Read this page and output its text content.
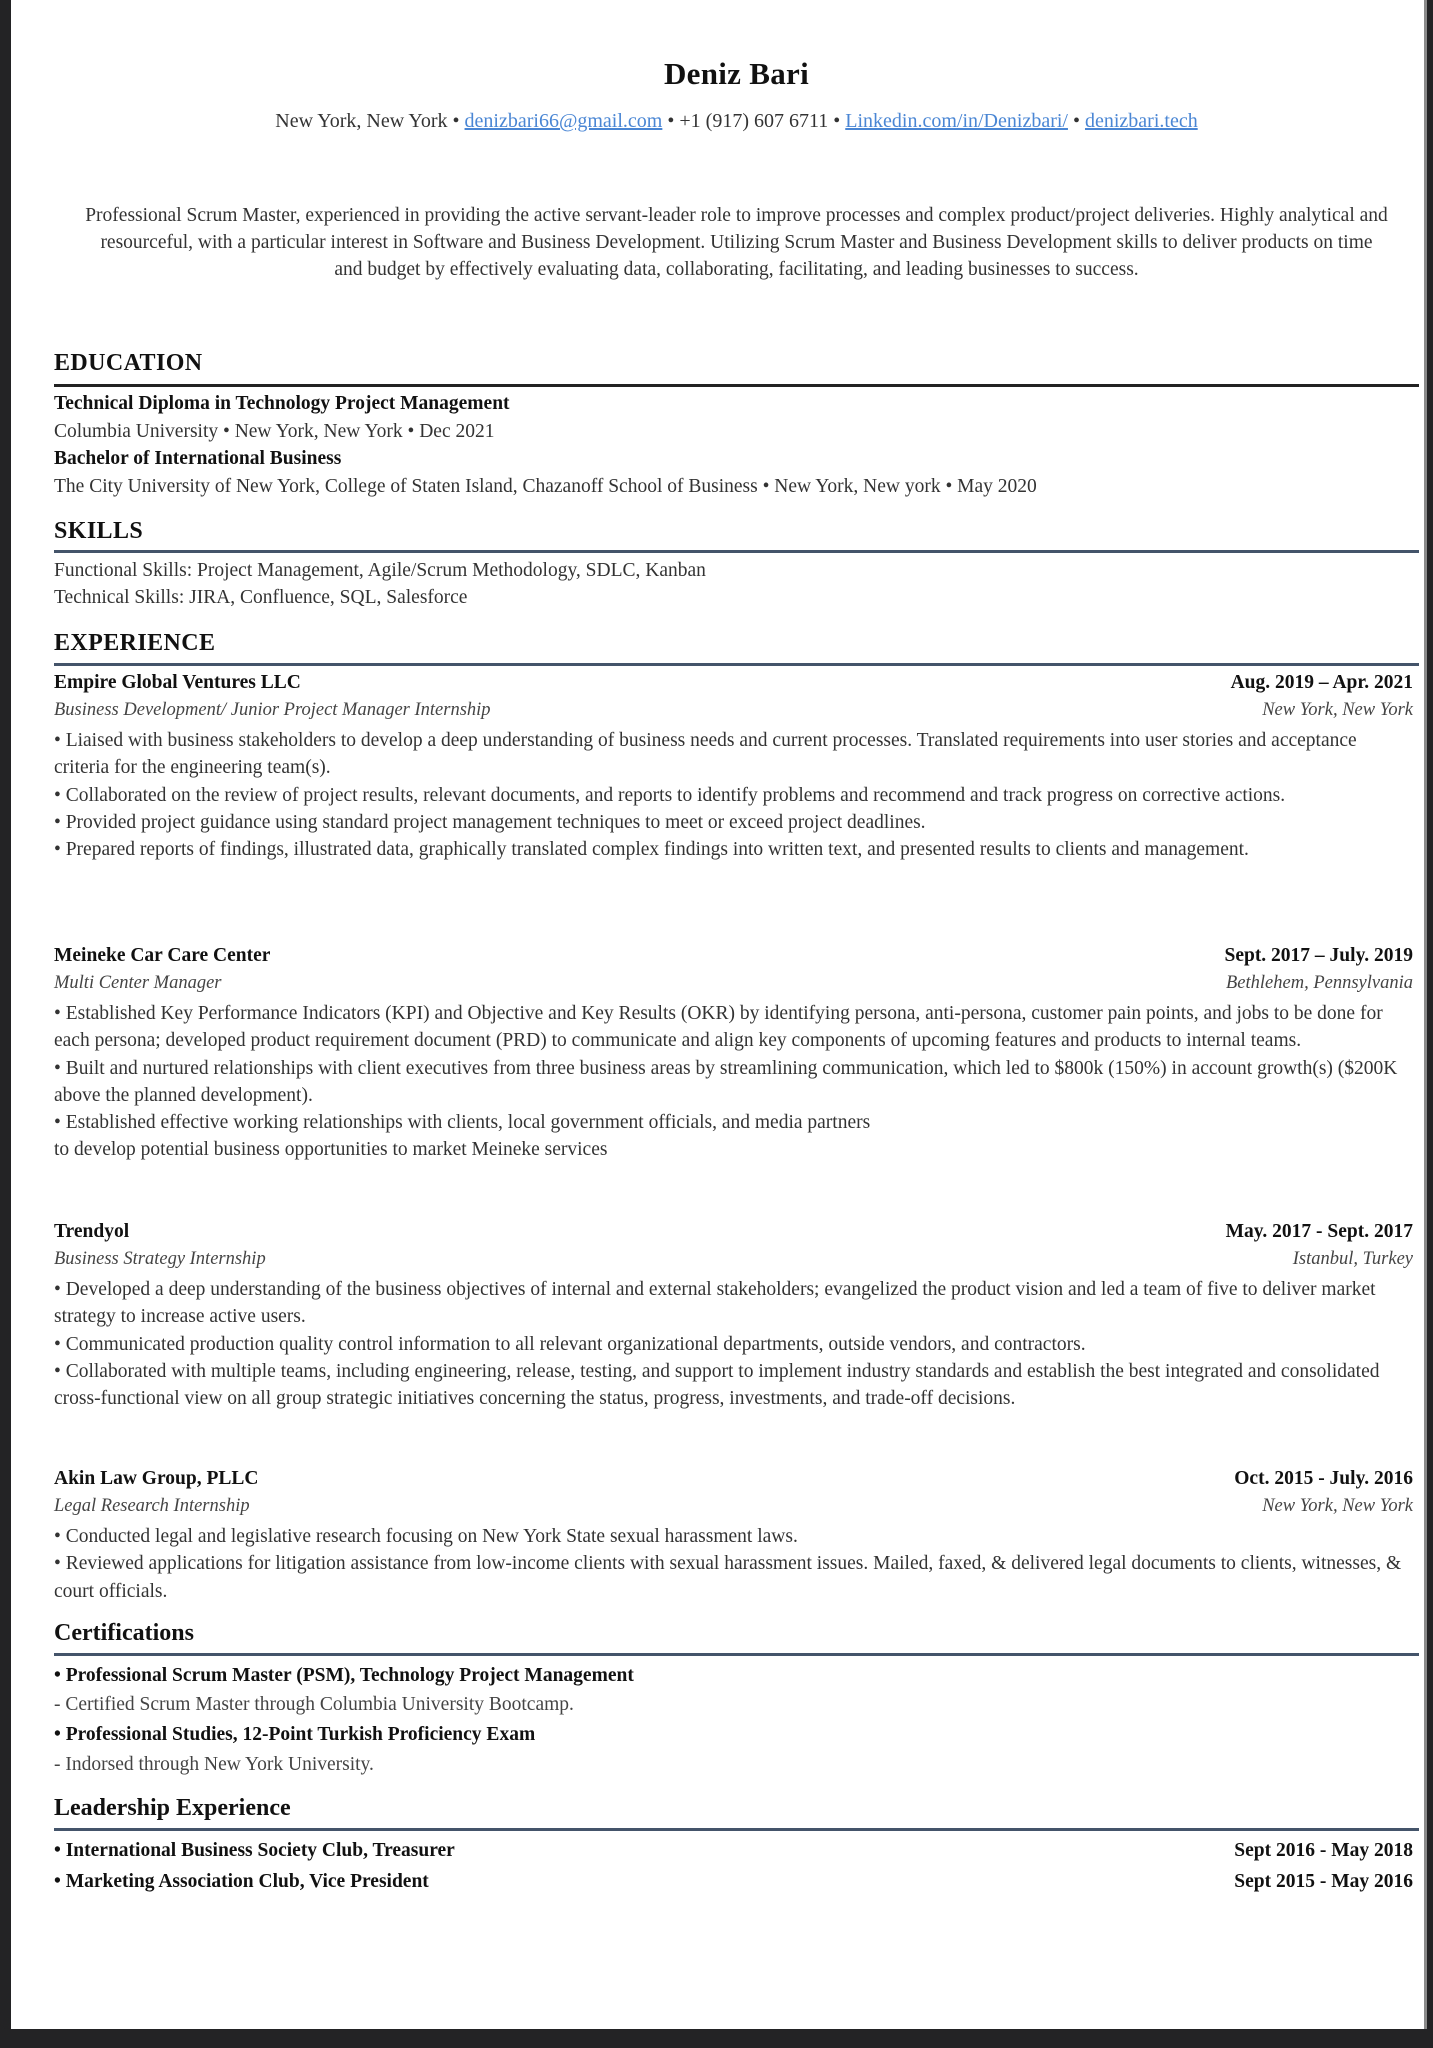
Deniz Bari
New York, New York • denizbari66@gmail.com • +1 (917) 607 6711 • Linkedin.com/in/Denizbari/ • denizbari.tech
Professional Scrum Master, experienced in providing the active servant-leader role to improve processes and complex product/project deliveries. Highly analytical and resourceful, with a particular interest in Software and Business Development. Utilizing Scrum Master and Business Development skills to deliver products on time and budget by effectively evaluating data, collaborating, facilitating, and leading businesses to success.
EDUCATION
Technical Diploma in Technology Project Management
Columbia University • New York, New York • Dec 2021
Bachelor of International Business
The City University of New York, College of Staten Island, Chazanoff School of Business • New York, New york • May 2020
SKILLS
Functional Skills: Project Management, Agile/Scrum Methodology, SDLC, Kanban
Technical Skills: JIRA, Confluence, SQL, Salesforce
EXPERIENCE
Empire Global Ventures LLC	Aug. 2019 – Apr. 2021
Business Development/ Junior Project Manager Internship	New York, New York

• Liaised with business stakeholders to develop a deep understanding of business needs and current processes. Translated requirements into user stories and acceptance criteria for the engineering team(s).

• Collaborated on the review of project results, relevant documents, and reports to identify problems and recommend and track progress on corrective actions.

• Provided project guidance using standard project management techniques to meet or exceed project deadlines.

• Prepared reports of findings, illustrated data, graphically translated complex findings into written text, and presented results to clients and management.

Meineke Car Care Center	Sept. 2017 – July. 2019
Multi Center Manager	Bethlehem, Pennsylvania

• Established Key Performance Indicators (KPI) and Objective and Key Results (OKR) by identifying persona, anti-persona, customer pain points, and jobs to be done for each persona; developed product requirement document (PRD) to communicate and align key components of upcoming features and products to internal teams.

• Built and nurtured relationships with client executives from three business areas by streamlining communication, which led to $800k (150%) in account growth(s) ($200K above the planned development).

• Established effective working relationships with clients, local government officials, and media partners

to develop potential business opportunities to market Meineke services

Trendyol	May. 2017 - Sept. 2017
Business Strategy Internship	Istanbul, Turkey

• Developed a deep understanding of the business objectives of internal and external stakeholders; evangelized the product vision and led a team of five to deliver market strategy to increase active users.

• Communicated production quality control information to all relevant organizational departments, outside vendors, and contractors.

• Collaborated with multiple teams, including engineering, release, testing, and support to implement industry standards and establish the best integrated and consolidated cross-functional view on all group strategic initiatives concerning the status, progress, investments, and trade-off decisions.

Akin Law Group, PLLC	Oct. 2015 - July. 2016
Legal Research Internship	New York, New York

• Conducted legal and legislative research focusing on New York State sexual harassment laws.

• Reviewed applications for litigation assistance from low-income clients with sexual harassment issues. Mailed, faxed, & delivered legal documents to clients, witnesses, & court officials.

Certifications
• Professional Scrum Master (PSM), Technology Project Management
- Certified Scrum Master through Columbia University Bootcamp.
• Professional Studies, 12-Point Turkish Proficiency Exam
- Indorsed through New York University.
Leadership Experience
• International Business Society Club, Treasurer	Sept 2016 - May 2018
• Marketing Association Club, Vice President	Sept 2015 - May 2016
